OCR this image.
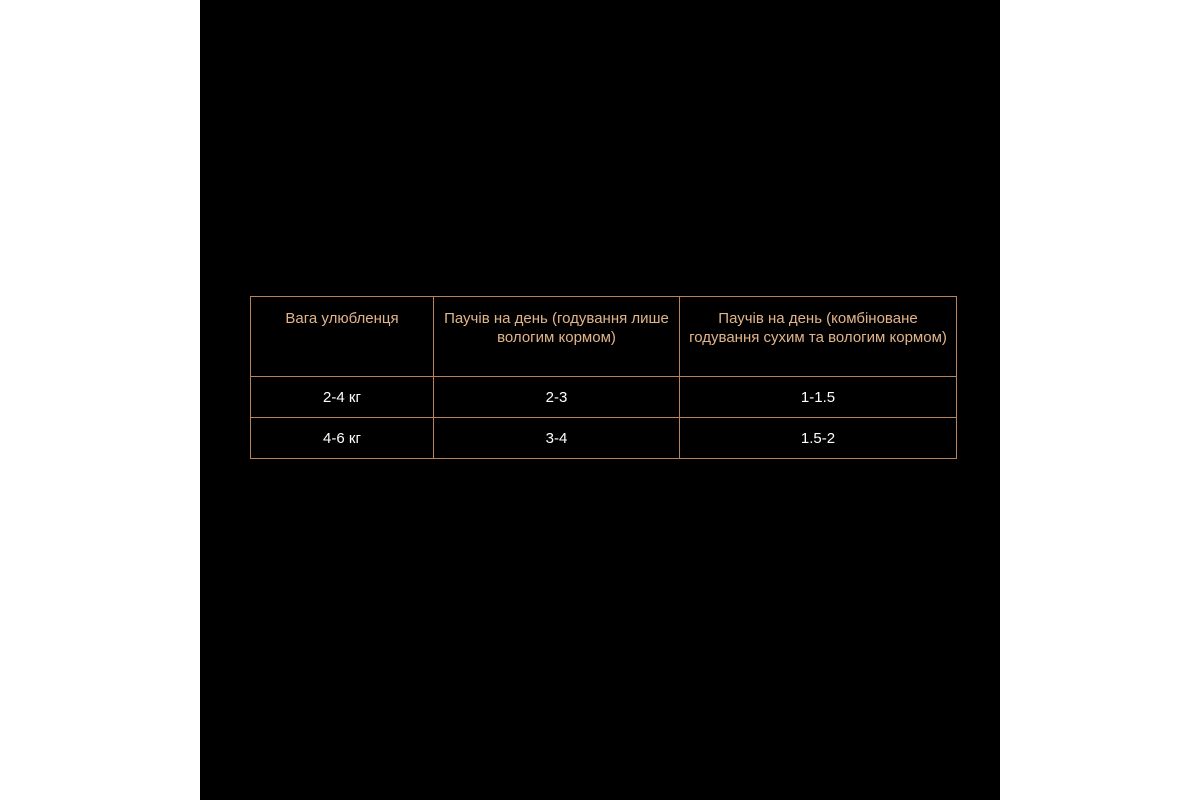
Вага улюбленця	Паучів на день (годування лише вологим кормом)	Паучів на день (комбіноване годування сухим та вологим кормом)
2-4 кг	2-3	1-1.5
4-6 кг	3-4	1.5-2
